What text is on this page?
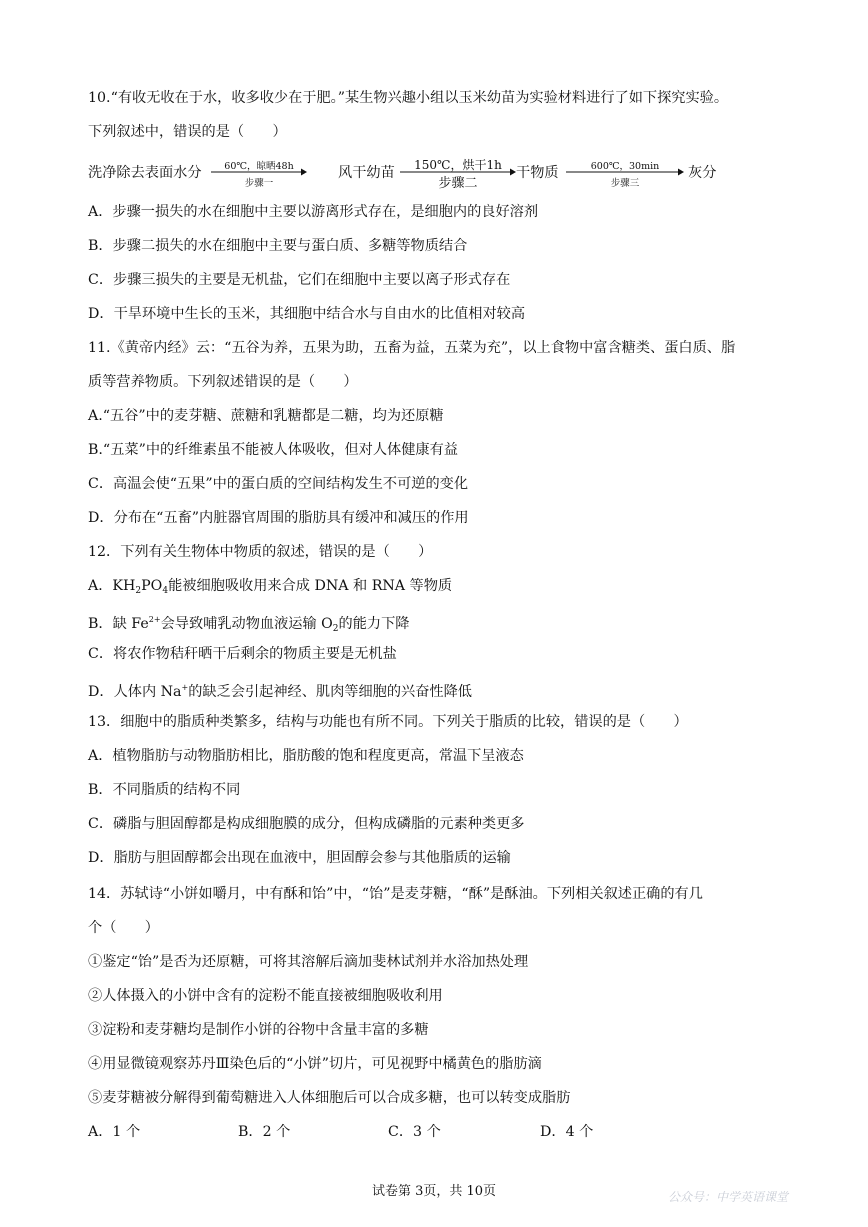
10.“有收无收在于水，收多收少在于肥。”某生物兴趣小组以玉米幼苗为实验材料进行了如下探究实验。
下列叙述中，错误的是（　　）
洗净除去表面水分	60℃，晾晒48h
步骤一
风干幼苗	150℃，烘干1h
步骤二
干物质	600℃，30min
步骤三
灰分
A．步骤一损失的水在细胞中主要以游离形式存在，是细胞内的良好溶剂
B．步骤二损失的水在细胞中主要与蛋白质、多糖等物质结合
C．步骤三损失的主要是无机盐，它们在细胞中主要以离子形式存在
D．干旱环境中生长的玉米，其细胞中结合水与自由水的比值相对较高
11.《黄帝内经》云：“五谷为养，五果为助，五畜为益，五菜为充”，以上食物中富含糖类、蛋白质、脂
质等营养物质。下列叙述错误的是（　　）
A.“五谷”中的麦芽糖、蔗糖和乳糖都是二糖，均为还原糖
B.“五菜”中的纤维素虽不能被人体吸收，但对人体健康有益
C．高温会使“五果”中的蛋白质的空间结构发生不可逆的变化
D．分布在“五畜”内脏器官周围的脂肪具有缓冲和减压的作用
12．下列有关生物体中物质的叙述，错误的是（　　）
A．$KH_2PO_4$能被细胞吸收用来合成 DNA 和 RNA 等物质
B．缺 $Fe^{2+}$会导致哺乳动物血液运输 $O_2$的能力下降
C．将农作物秸秆晒干后剩余的物质主要是无机盐
D．人体内 Na+的缺乏会引起神经、肌肉等细胞的兴奋性降低
13．细胞中的脂质种类繁多，结构与功能也有所不同。下列关于脂质的比较，错误的是（　　）
A．植物脂肪与动物脂肪相比，脂肪酸的饱和程度更高，常温下呈液态
B．不同脂质的结构不同
C．磷脂与胆固醇都是构成细胞膜的成分，但构成磷脂的元素种类更多
D．脂肪与胆固醇都会出现在血液中，胆固醇会参与其他脂质的运输
14．苏轼诗“小饼如嚼月，中有酥和饴”中，“饴”是麦芽糖，“酥”是酥油。下列相关叙述正确的有几
个（　　）
①鉴定“饴”是否为还原糖，可将其溶解后滴加斐林试剂并水浴加热处理
②人体摄入的小饼中含有的淀粉不能直接被细胞吸收利用
③淀粉和麦芽糖均是制作小饼的谷物中含量丰富的多糖
④用显微镜观察苏丹Ⅲ染色后的“小饼”切片，可见视野中橘黄色的脂肪滴
⑤麦芽糖被分解得到葡萄糖进入人体细胞后可以合成多糖，也可以转变成脂肪
A．1 个	B．2 个	C．3 个	D．4 个
试卷第 3页，共 10页	公众号：中学英语课堂
